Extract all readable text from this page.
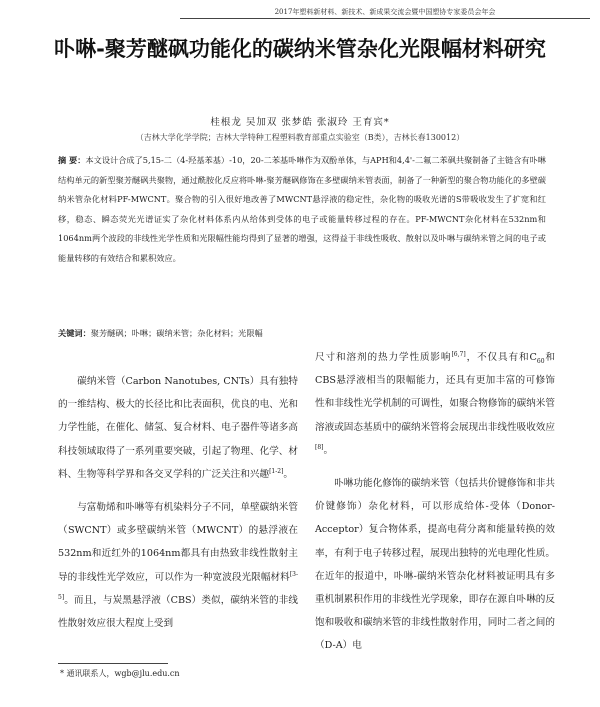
2017年塑料新材料、新技术、新成果交流会暨中国塑协专家委员会年会
卟啉-聚芳醚砜功能化的碳纳米管杂化光限幅材料研究
桂根龙 吴加双 张梦皓 张淑玲 王育宾*
（吉林大学化学学院；吉林大学特种工程塑料教育部重点实验室（B类），吉林长春130012）
摘 要：本文设计合成了5,15-二（4-羟基苯基）-10，20-二苯基卟啉作为双酚单体，与APH和4,4'-二氟二苯砜共聚制备了主链含有卟啉结构单元的新型聚芳醚砜共聚物，通过酰胺化反应将卟啉-聚芳醚砜修饰在多壁碳纳米管表面，制备了一种新型的聚合物功能化的多壁碳纳米管杂化材料PF-MWCNT。聚合物的引入很好地改善了MWCNT悬浮液的稳定性，杂化物的吸收光谱的S带吸收发生了扩宽和红移，稳态、瞬态荧光光谱证实了杂化材料体系内从给体到受体的电子或能量转移过程的存在。PF-MWCNT杂化材料在532nm和1064nm两个波段的非线性光学性质和光限幅性能均得到了显著的增强，这得益于非线性吸收、散射以及卟啉与碳纳米管之间的电子或能量转移的有效结合和累积效应。
关键词：聚芳醚砜；卟啉；碳纳米管；杂化材料；光限幅

碳纳米管（Carbon Nanotubes, CNTs）具有独特的一维结构、极大的长径比和比表面积，优良的电、光和力学性能，在催化、储氢、复合材料、电子器件等诸多高科技领域取得了一系列重要突破，引起了物理、化学、材料、生物等科学界和各交叉学科的广泛关注和兴趣[1-2]。

与富勒烯和卟啉等有机染料分子不同，单壁碳纳米管（SWCNT）或多壁碳纳米管（MWCNT）的悬浮液在532nm和近红外的1064nm都具有由热致非线性散射主导的非线性光学效应，可以作为一种宽波段光限幅材料[3-5]。而且，与炭黑悬浮液（CBS）类似，碳纳米管的非线性散射效应很大程度上受到

尺寸和溶剂的热力学性质影响[6,7]，不仅具有和$C_{60}$和CBS悬浮液相当的限幅能力，还具有更加丰富的可修饰性和非线性光学机制的可调性，如聚合物修饰的碳纳米管溶液或固态基质中的碳纳米管将会展现出非线性吸收效应[8]。

卟啉功能化修饰的碳纳米管（包括共价键修饰和非共价键修饰）杂化材料，可以形成给体-受体（Donor-Acceptor）复合物体系，提高电荷分离和能量转换的效率，有利于电子转移过程，展现出独特的光电理化性质。在近年的报道中，卟啉-碳纳米管杂化材料被证明具有多重机制累积作用的非线性光学现象，即存在源自卟啉的反饱和吸收和碳纳米管的非线性散射作用，同时二者之间的（D-A）电

* 通讯联系人，wgb@jlu.edu.cn
